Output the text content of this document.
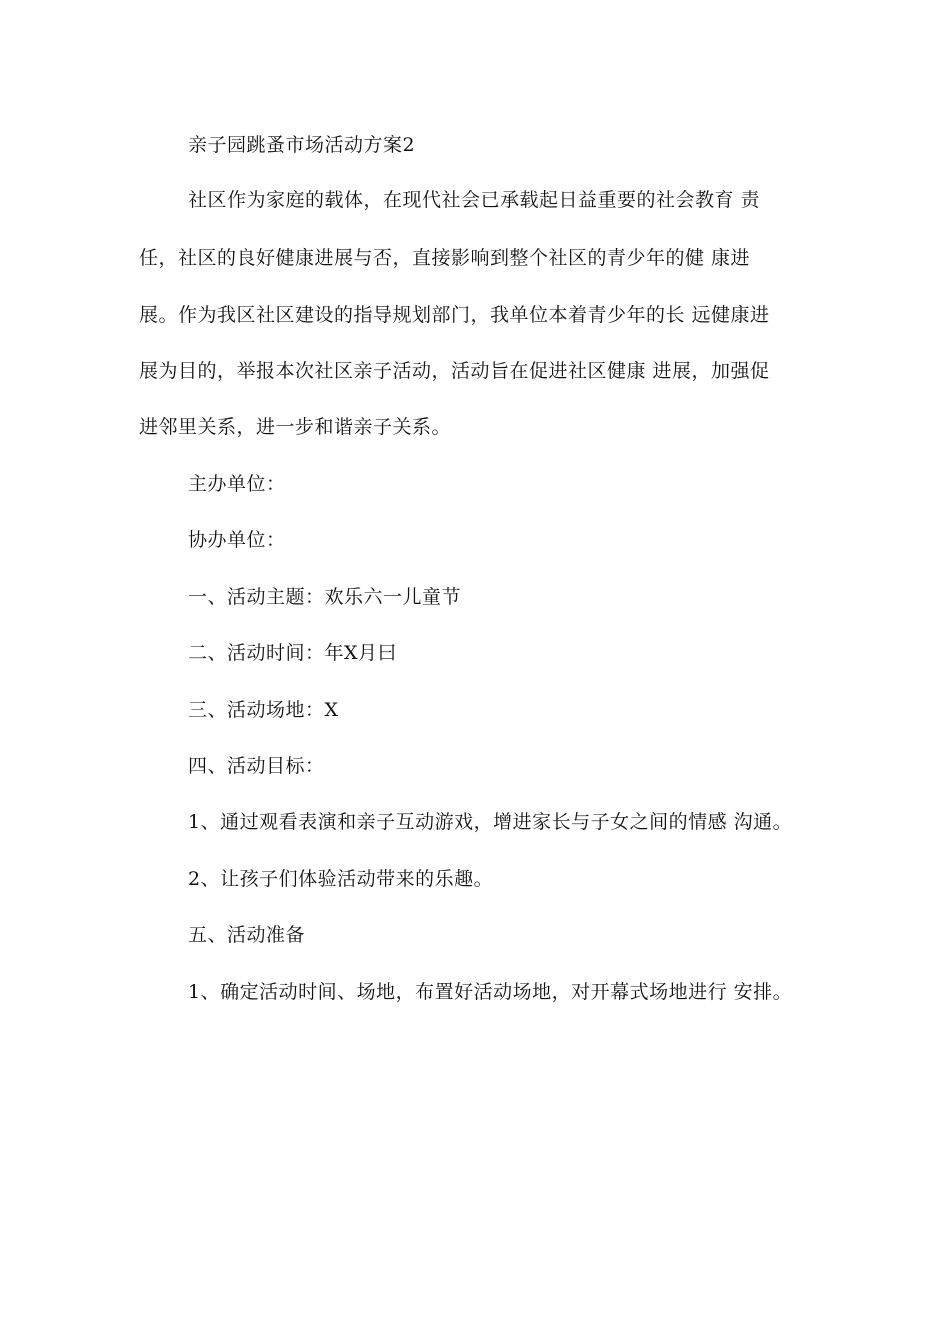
亲子园跳蚤市场活动方案2
社区作为家庭的载体，在现代社会已承载起日益重要的社会教育 责
任，社区的良好健康进展与否，直接影响到整个社区的青少年的健 康进
展。作为我区社区建设的指导规划部门，我单位本着青少年的长 远健康进
展为目的，举报本次社区亲子活动，活动旨在促进社区健康 进展，加强促
进邻里关系，进一步和谐亲子关系。
主办单位：
协办单位：
一、活动主题：欢乐六一儿童节
二、活动时间：年X月曰
三、活动场地：X
四、活动目标：
1、通过观看表演和亲子互动游戏，增进家长与子女之间的情感 沟通。
2、让孩子们体验活动带来的乐趣。
五、活动准备
1、确定活动时间、场地，布置好活动场地，对开幕式场地进行 安排。
